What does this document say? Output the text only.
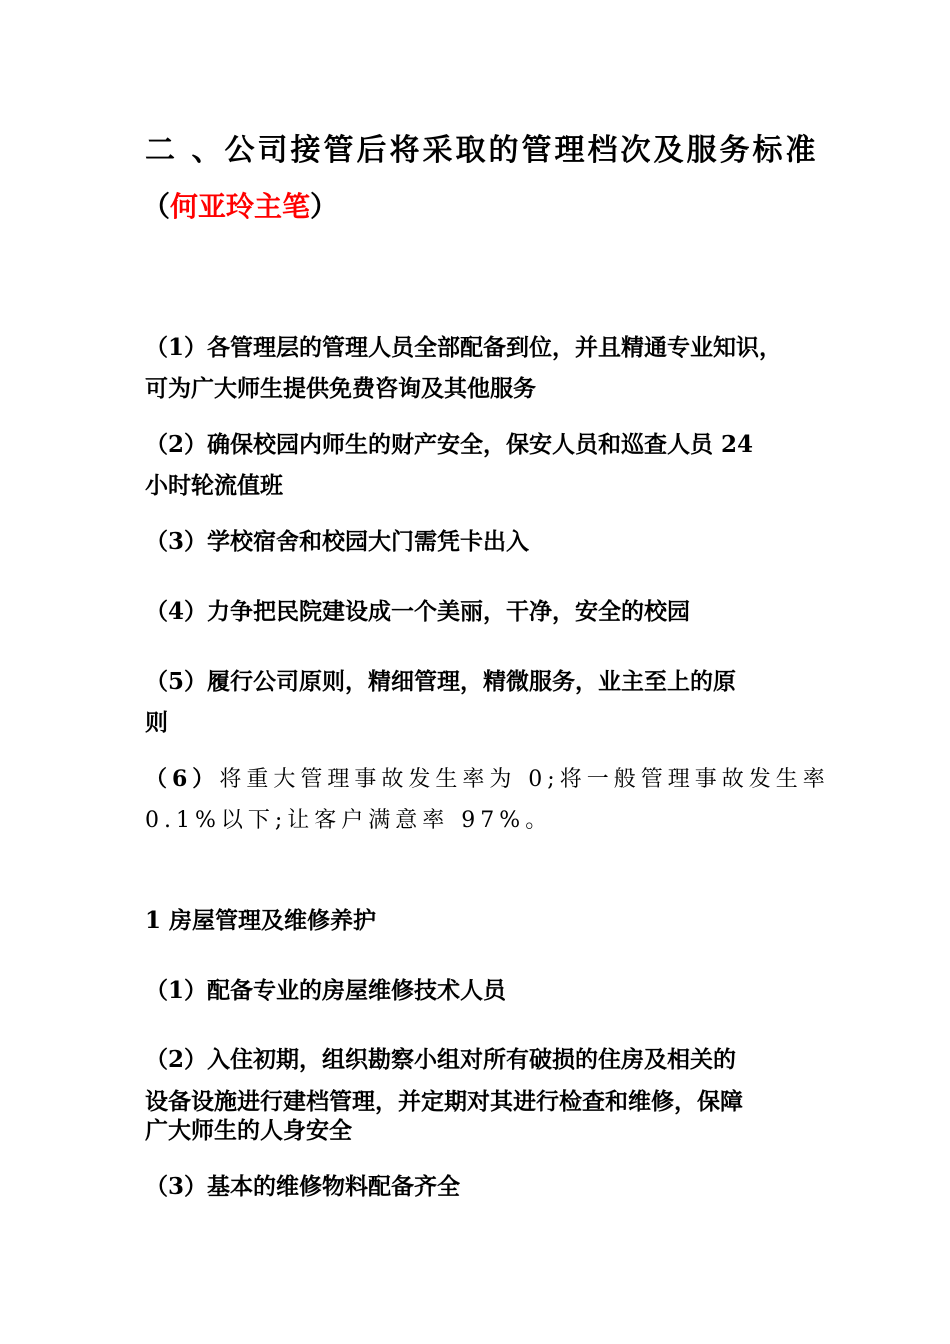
二 、公司接管后将采取的管理档次及服务标准
（何亚玲主笔）
（1）各管理层的管理人员全部配备到位，并且精通专业知识，
可为广大师生提供免费咨询及其他服务
（2）确保校园内师生的财产安全，保安人员和巡查人员 24
小时轮流值班
（3）学校宿舍和校园大门需凭卡出入
（4）力争把民院建设成一个美丽，干净，安全的校园
（5）履行公司原则，精细管理，精微服务，业主至上的原
则
（6）将重大管理事故发生率为 0;将一般管理事故发生率
0.1%以下;让客户满意率 97%。
1 房屋管理及维修养护
（1）配备专业的房屋维修技术人员
（2）入住初期，组织勘察小组对所有破损的住房及相关的
设备设施进行建档管理，并定期对其进行检查和维修，保障
广大师生的人身安全
（3）基本的维修物料配备齐全
